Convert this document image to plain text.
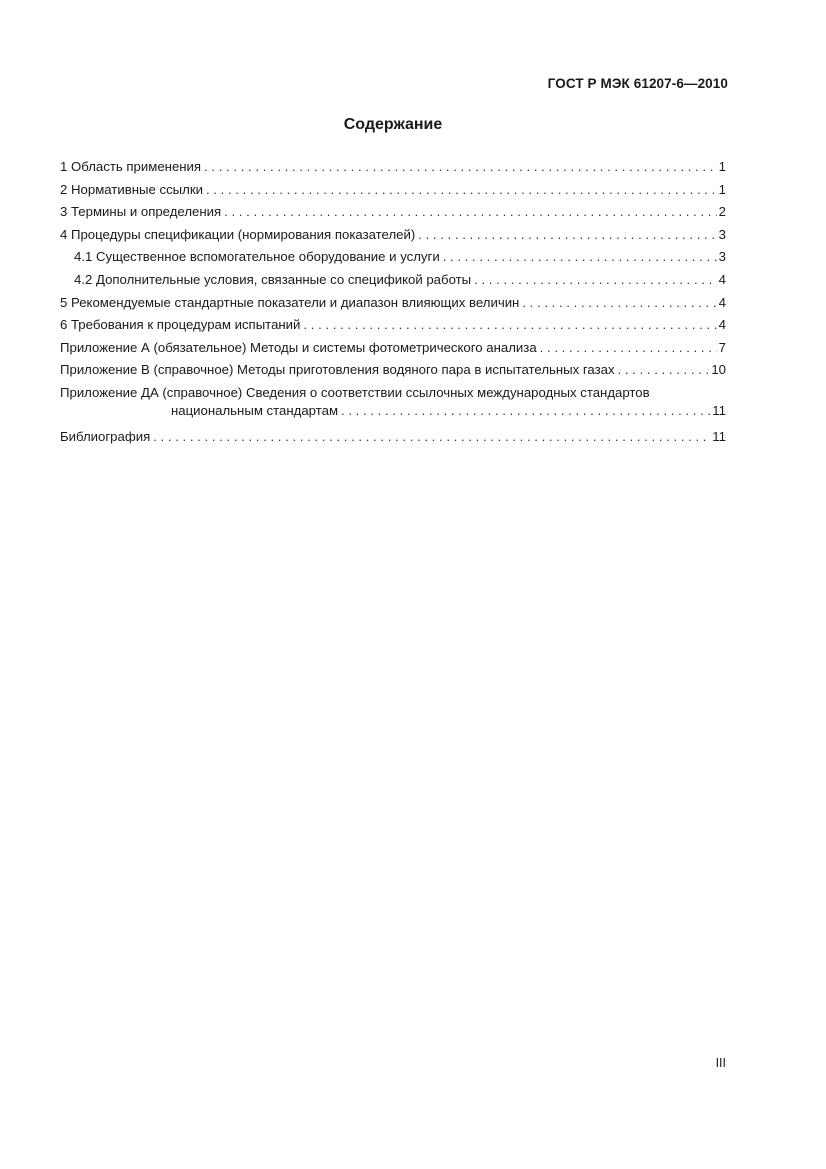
ГОСТ Р МЭК 61207-6—2010
Содержание
1 Область применения . . .	1
2 Нормативные ссылки . . .	1
3 Термины и определения . . .	2
4 Процедуры спецификации (нормирования показателей) . . .	3
4.1 Существенное вспомогательное оборудование и услуги . . .	3
4.2 Дополнительные условия, связанные со спецификой работы . . .	4
5 Рекомендуемые стандартные показатели и диапазон влияющих величин . . .	4
6 Требования к процедурам испытаний . . .	4
Приложение А (обязательное) Методы и системы фотометрического анализа . . .	7
Приложение В (справочное) Методы приготовления водяного пара в испытательных газах . . .	10
Приложение ДА (справочное) Сведения о соответствии ссылочных международных стандартов
национальным стандартам . . .	11
Библиография . . .	11
III
